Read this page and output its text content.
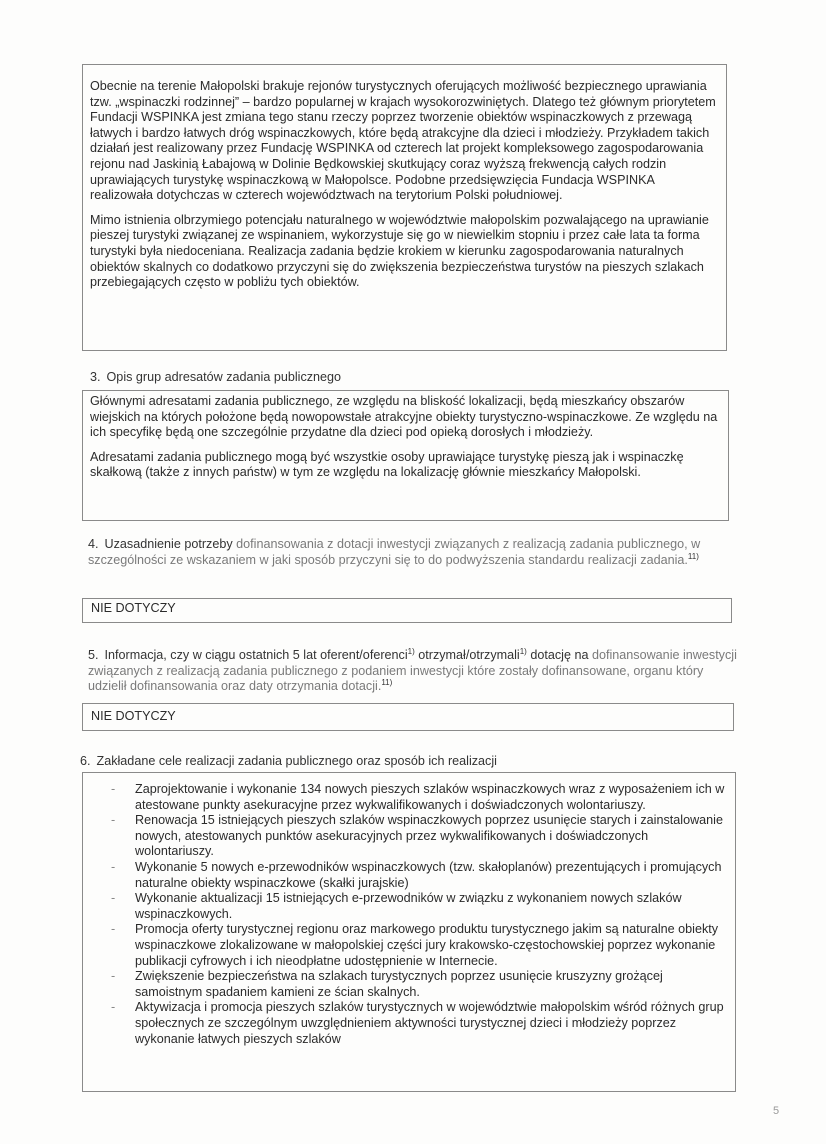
Obecnie na terenie Małopolski brakuje rejonów turystycznych oferujących możliwość bezpiecznego uprawiania tzw. „wspinaczki rodzinnej” – bardzo popularnej w krajach wysokorozwiniętych. Dlatego też głównym priorytetem Fundacji WSPINKA jest zmiana tego stanu rzeczy poprzez tworzenie obiektów wspinaczkowych z przewagą łatwych i bardzo łatwych dróg wspinaczkowych, które będą atrakcyjne dla dzieci i młodzieży. Przykładem takich działań jest realizowany przez Fundację WSPINKA od czterech lat projekt kompleksowego zagospodarowania rejonu nad Jaskinią Łabajową w Dolinie Będkowskiej skutkujący coraz wyższą frekwencją całych rodzin uprawiających turystykę wspinaczkową w Małopolsce. Podobne przedsięwzięcia Fundacja WSPINKA realizowała dotychczas w czterech województwach na terytorium Polski południowej.

Mimo istnienia olbrzymiego potencjału naturalnego w województwie małopolskim pozwalającego na uprawianie pieszej turystyki związanej ze wspinaniem, wykorzystuje się go w niewielkim stopniu i przez całe lata ta forma turystyki była niedoceniana. Realizacja zadania będzie krokiem w kierunku zagospodarowania naturalnych obiektów skalnych co dodatkowo przyczyni się do zwiększenia bezpieczeństwa turystów na pieszych szlakach przebiegających często w pobliżu tych obiektów.

3. Opis grup adresatów zadania publicznego

Głównymi adresatami zadania publicznego, ze względu na bliskość lokalizacji, będą mieszkańcy obszarów wiejskich na których położone będą nowopowstałe atrakcyjne obiekty turystyczno-wspinaczkowe. Ze względu na ich specyfikę będą one szczególnie przydatne dla dzieci pod opieką dorosłych i młodzieży.

Adresatami zadania publicznego mogą być wszystkie osoby uprawiające turystykę pieszą jak i wspinaczkę skałkową (także z innych państw) w tym ze względu na lokalizację głównie mieszkańcy Małopolski.

4. Uzasadnienie potrzeby dofinansowania z dotacji inwestycji związanych z realizacją zadania publicznego, w szczególności ze wskazaniem w jaki sposób przyczyni się to do podwyższenia standardu realizacji zadania.$^{11)}$
NIE DOTYCZY
5. Informacja, czy w ciągu ostatnich 5 lat oferent/oferenci$^{1)}$ otrzymał/otrzymali$^{1)}$ dotację na dofinansowanie inwestycji związanych z realizacją zadania publicznego z podaniem inwestycji które zostały dofinansowane, organu który udzielił dofinansowania oraz daty otrzymania dotacji.$^{11)}$
NIE DOTYCZY
6. Zakładane cele realizacji zadania publicznego oraz sposób ich realizacji
- Zaprojektowanie i wykonanie 134 nowych pieszych szlaków wspinaczkowych wraz z wyposażeniem ich w atestowane punkty asekuracyjne przez wykwalifikowanych i doświadczonych wolontariuszy.
- Renowacja 15 istniejących pieszych szlaków wspinaczkowych poprzez usunięcie starych i zainstalowanie nowych, atestowanych punktów asekuracyjnych przez wykwalifikowanych i doświadczonych wolontariuszy.
- Wykonanie 5 nowych e-przewodników wspinaczkowych (tzw. skałoplanów) prezentujących i promujących naturalne obiekty wspinaczkowe (skałki jurajskie)
- Wykonanie aktualizacji 15 istniejących e-przewodników w związku z wykonaniem nowych szlaków wspinaczkowych.
- Promocja oferty turystycznej regionu oraz markowego produktu turystycznego jakim są naturalne obiekty wspinaczkowe zlokalizowane w małopolskiej części jury krakowsko-częstochowskiej poprzez wykonanie publikacji cyfrowych i ich nieodpłatne udostępnienie w Internecie.
- Zwiększenie bezpieczeństwa na szlakach turystycznych poprzez usunięcie kruszyzny grożącej samoistnym spadaniem kamieni ze ścian skalnych.
- Aktywizacja i promocja pieszych szlaków turystycznych w województwie małopolskim wśród różnych grup społecznych ze szczególnym uwzględnieniem aktywności turystycznej dzieci i młodzieży poprzez wykonanie łatwych pieszych szlaków
5
